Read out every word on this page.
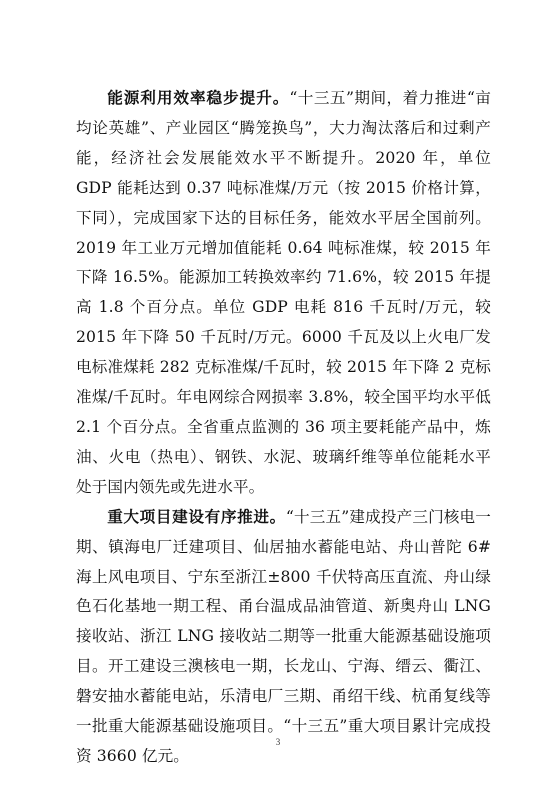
能源利用效率稳步提升。“十三五”期间，着力推进“亩均论英雄”、产业园区“腾笼换鸟”，大力淘汰落后和过剩产能，经济社会发展能效水平不断提升。2020 年，单位 GDP 能耗达到 0.37 吨标准煤/万元（按 2015 价格计算，下同），完成国家下达的目标任务，能效水平居全国前列。2019 年工业万元增加值能耗 0.64 吨标准煤，较 2015 年下降 16.5%。能源加工转换效率约 71.6%，较 2015 年提高 1.8 个百分点。单位 GDP 电耗 816 千瓦时/万元，较 2015 年下降 50 千瓦时/万元。6000 千瓦及以上火电厂发电标准煤耗 282 克标准煤/千瓦时，较 2015 年下降 2 克标准煤/千瓦时。年电网综合网损率 3.8%，较全国平均水平低 2.1 个百分点。全省重点监测的 36 项主要耗能产品中，炼油、火电（热电）、钢铁、水泥、玻璃纤维等单位能耗水平处于国内领先或先进水平。

重大项目建设有序推进。“十三五”建成投产三门核电一期、镇海电厂迁建项目、仙居抽水蓄能电站、舟山普陀 6#海上风电项目、宁东至浙江±800 千伏特高压直流、舟山绿色石化基地一期工程、甬台温成品油管道、新奥舟山 LNG 接收站、浙江 LNG 接收站二期等一批重大能源基础设施项目。开工建设三澳核电一期，长龙山、宁海、缙云、衢江、磐安抽水蓄能电站，乐清电厂三期、甬绍干线、杭甬复线等一批重大能源基础设施项目。“十三五”重大项目累计完成投资 3660 亿元。

3
